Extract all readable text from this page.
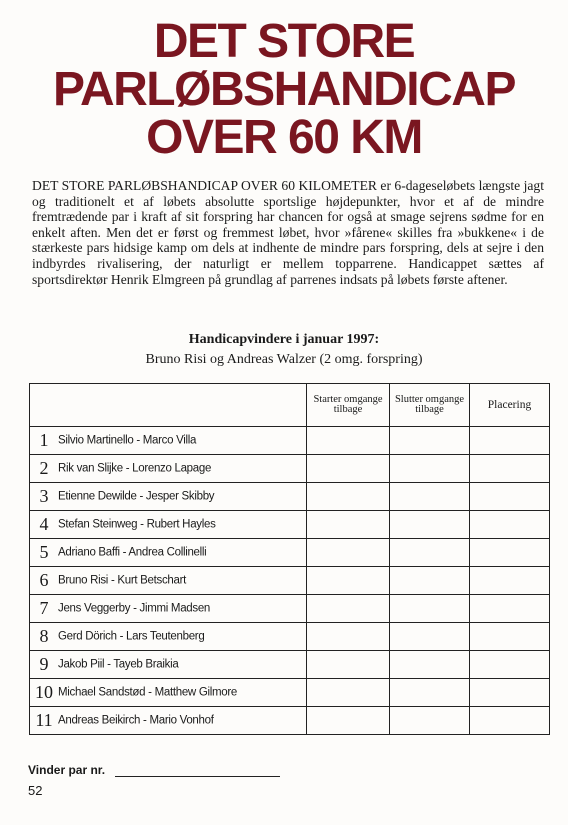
DET STORE
PARLØBSHANDICAP
OVER 60 KM
DET STORE PARLØBSHANDICAP OVER 60 KILOMETER er 6-dageseløbets længste jagt og traditionelt et af løbets absolutte sportslige højdepunkter, hvor et af de mindre fremtrædende par i kraft af sit forspring har chancen for også at smage sejrens sødme for en enkelt aften. Men det er først og fremmest løbet, hvor »fårene« skilles fra »bukkene« i de stærkeste pars hidsige kamp om dels at indhente de mindre pars forspring, dels at sejre i den indbyrdes rivalisering, der naturligt er mellem topparrene. Handicappet sættes af sportsdirektør Henrik Elmgreen på grundlag af parrenes indsats på løbets første aftener.
Handicapvindere i januar 1997:
Bruno Risi og Andreas Walzer (2 omg. forspring)
	Starter omgange tilbage	Slutter omgange tilbage	Placering
1 Silvio Martinello - Marco Villa			
2 Rik van Slijke - Lorenzo Lapage			
3 Etienne Dewilde - Jesper Skibby			
4 Stefan Steinweg - Rubert Hayles			
5 Adriano Baffi - Andrea Collinelli			
6 Bruno Risi - Kurt Betschart			
7 Jens Veggerby - Jimmi Madsen			
8 Gerd Dörich - Lars Teutenberg			
9 Jakob Piil - Tayeb Braikia			
10 Michael Sandstød - Matthew Gilmore			
11 Andreas Beikirch - Mario Vonhof			
Vinder par nr.
52
